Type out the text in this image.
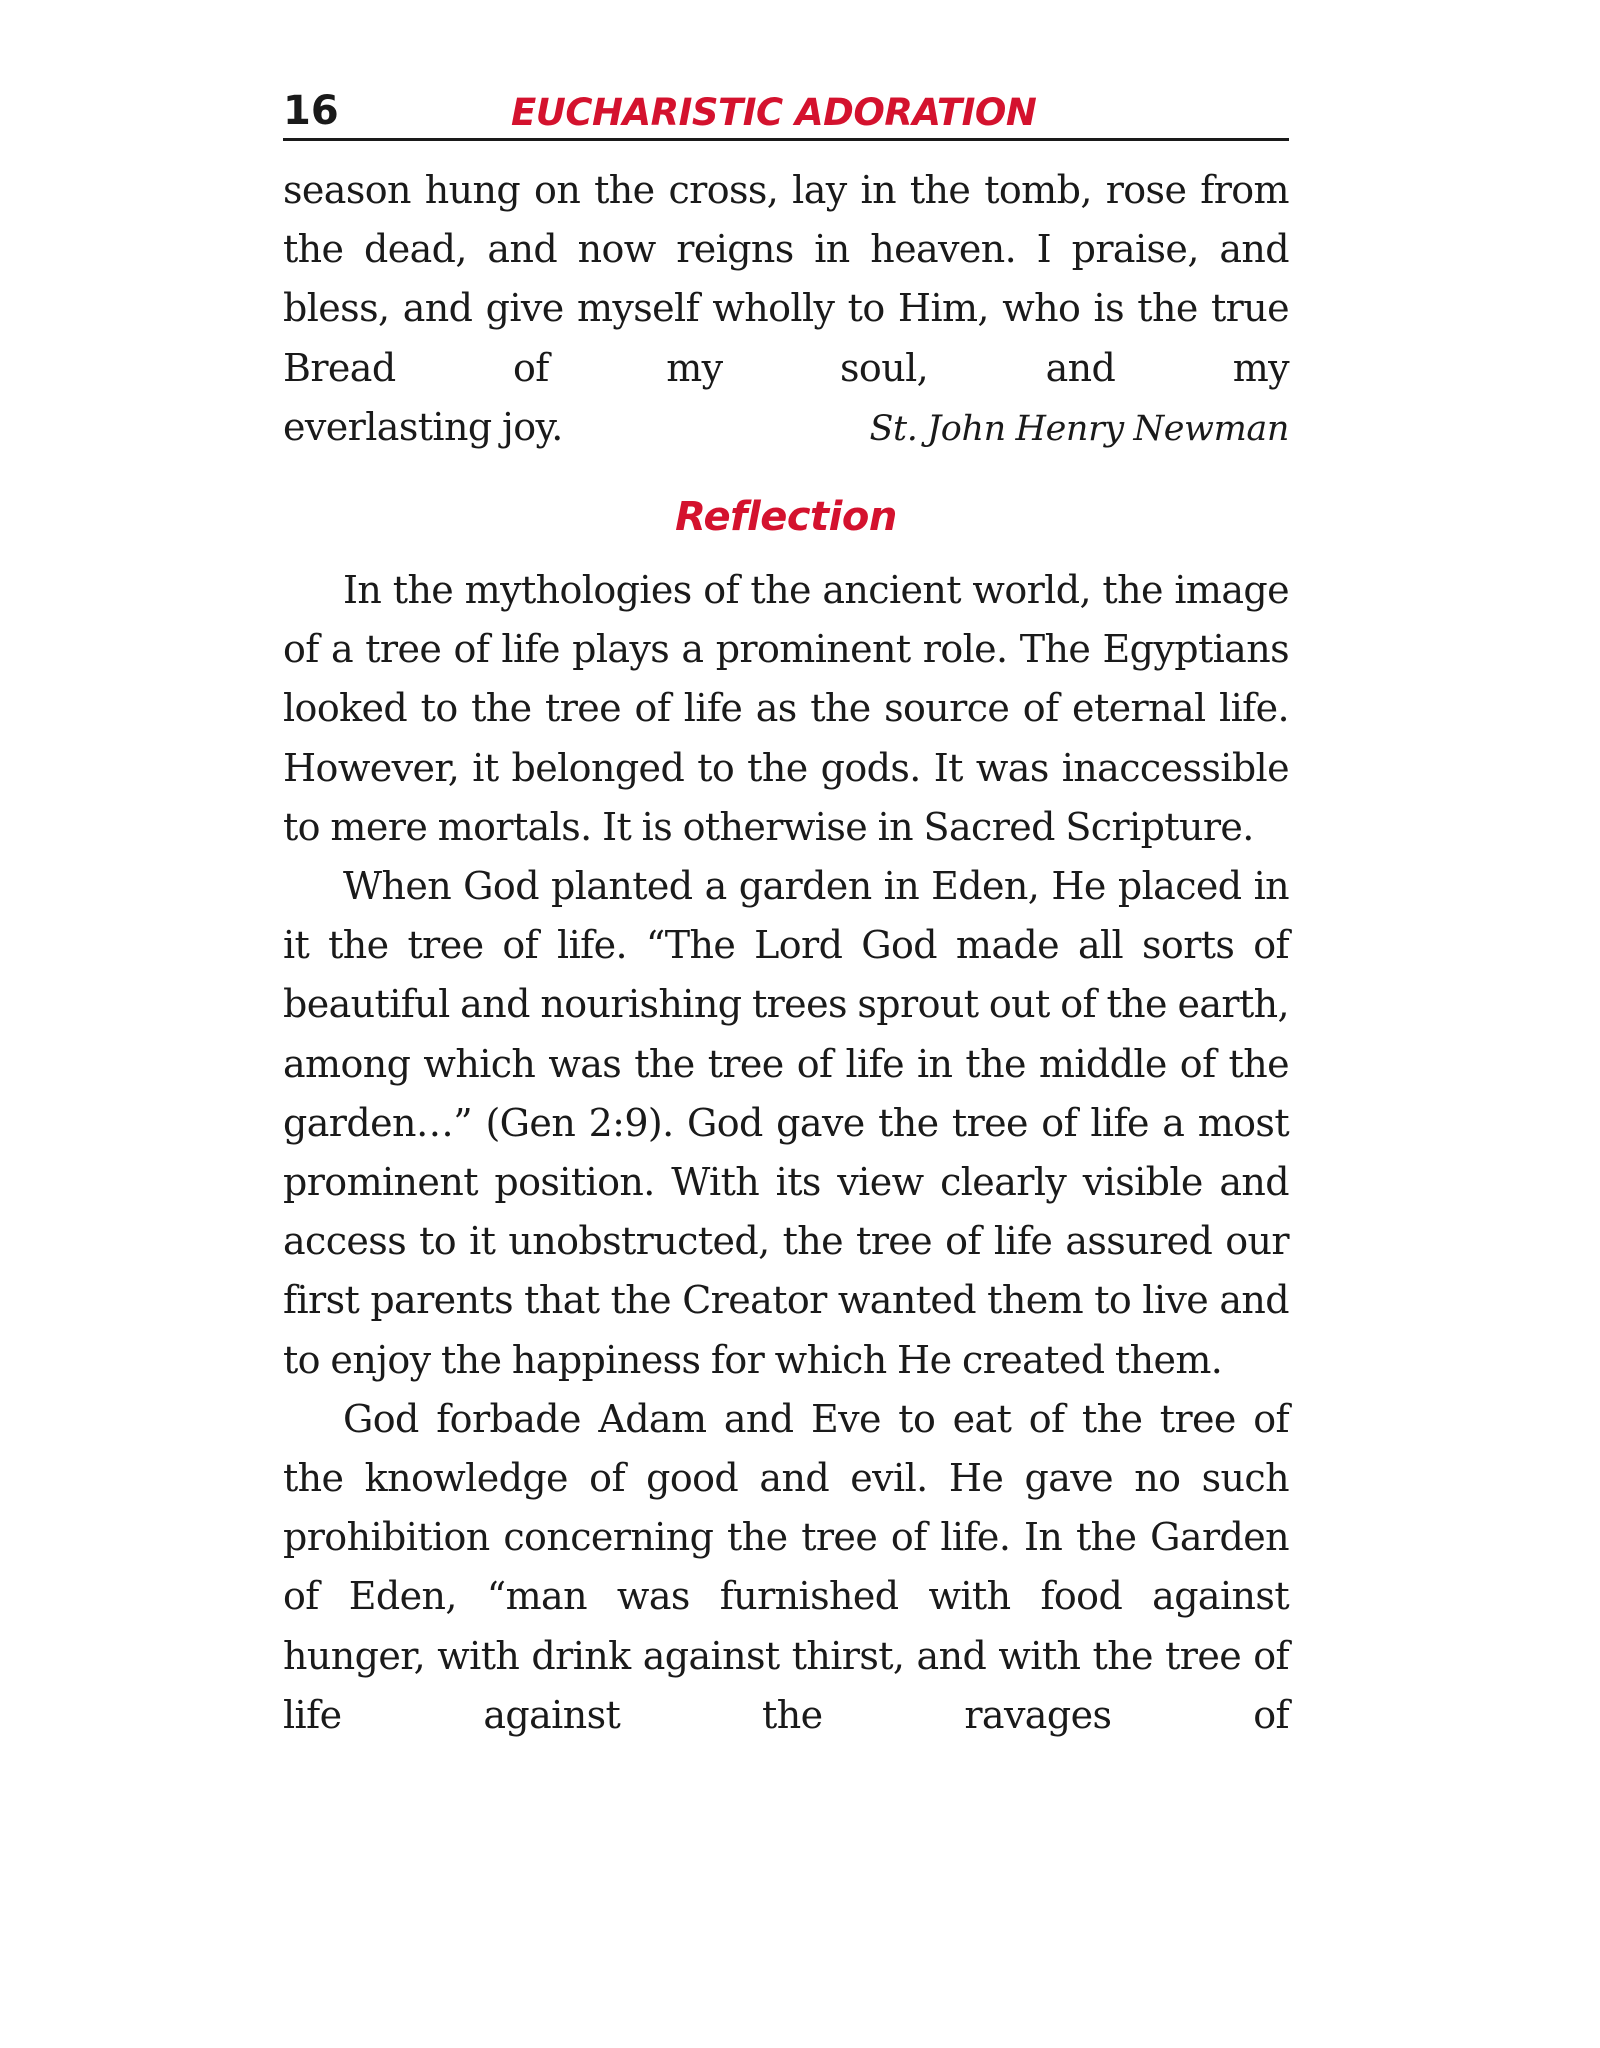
16	EUCHARISTIC ADORATION
season hung on the cross, lay in the tomb, rose from the dead, and now reigns in heaven. I praise, and bless, and give myself wholly to Him, who is the true Bread of my soul, and my
everlasting joy.	St. John Henry Newman
Reflection

In the mythologies of the ancient world, the image of a tree of life plays a prominent role. The Egyptians looked to the tree of life as the source of eternal life. However, it belonged to the gods. It was inaccessible to mere mortals. It is otherwise in Sacred Scripture.

When God planted a garden in Eden, He placed in it the tree of life. “The Lord God made all sorts of beautiful and nourishing trees sprout out of the earth, among which was the tree of life in the middle of the garden…” (Gen 2:9). God gave the tree of life a most prominent position. With its view clearly visible and access to it unobstructed, the tree of life assured our first parents that the Creator wanted them to live and to enjoy the happiness for which He created them.

God forbade Adam and Eve to eat of the tree of the knowledge of good and evil. He gave no such prohibition concerning the tree of life. In the Garden of Eden, “man was furnished with food against hunger, with drink against thirst, and with the tree of life against the ravages of
